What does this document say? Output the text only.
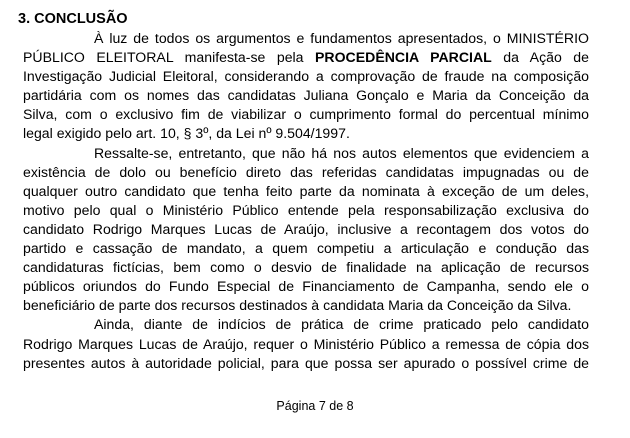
3. CONCLUSÃO
À luz de todos os argumentos e fundamentos apresentados, o MINISTÉRIO
PÚBLICO ELEITORAL manifesta-se pela PROCEDÊNCIA PARCIAL da Ação de
Investigação Judicial Eleitoral, considerando a comprovação de fraude na composição
partidária com os nomes das candidatas Juliana Gonçalo e Maria da Conceição da
Silva, com o exclusivo fim de viabilizar o cumprimento formal do percentual mínimo
legal exigido pelo art. 10, § 3º, da Lei nº 9.504/1997.
Ressalte-se, entretanto, que não há nos autos elementos que evidenciem a
existência de dolo ou benefício direto das referidas candidatas impugnadas ou de
qualquer outro candidato que tenha feito parte da nominata à exceção de um deles,
motivo pelo qual o Ministério Público entende pela responsabilização exclusiva do
candidato Rodrigo Marques Lucas de Araújo, inclusive a recontagem dos votos do
partido e cassação de mandato, a quem competiu a articulação e condução das
candidaturas fictícias, bem como o desvio de finalidade na aplicação de recursos
públicos oriundos do Fundo Especial de Financiamento de Campanha, sendo ele o
beneficiário de parte dos recursos destinados à candidata Maria da Conceição da Silva.
Ainda, diante de indícios de prática de crime praticado pelo candidato
Rodrigo Marques Lucas de Araújo, requer o Ministério Público a remessa de cópia dos
presentes autos à autoridade policial, para que possa ser apurado o possível crime de
Página 7 de 8
